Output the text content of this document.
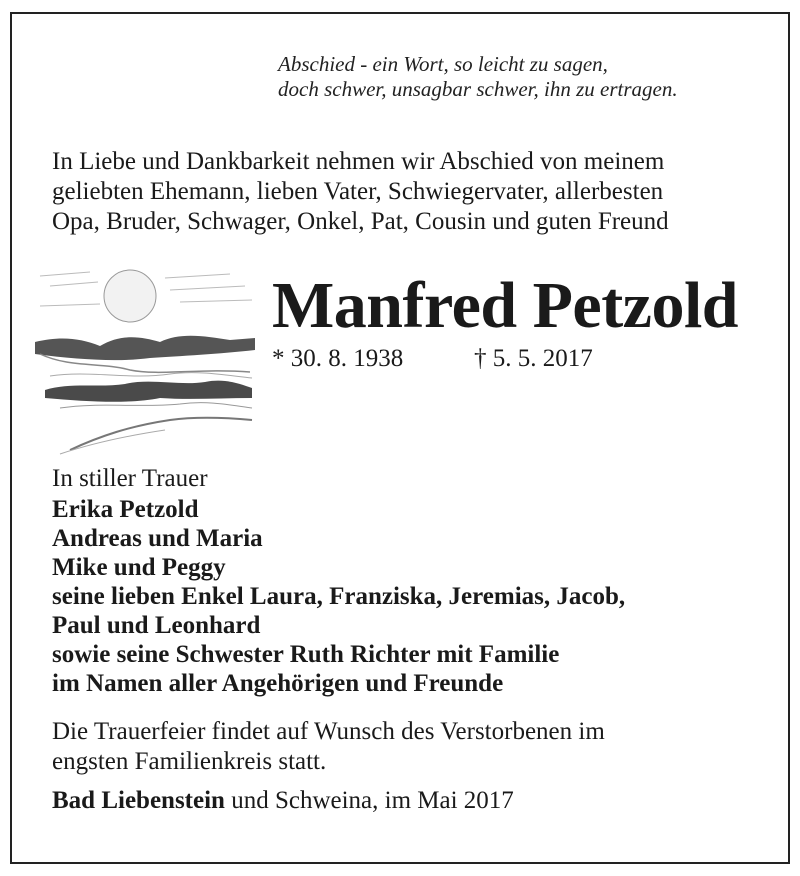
Abschied - ein Wort, so leicht zu sagen,
doch schwer, unsagbar schwer, ihn zu ertragen.
In Liebe und Dankbarkeit nehmen wir Abschied von meinem
geliebten Ehemann, lieben Vater, Schwiegervater, allerbesten
Opa, Bruder, Schwager, Onkel, Pat, Cousin und guten Freund
Manfred Petzold
* 30. 8. 1938	† 5. 5. 2017
In stiller Trauer
Erika Petzold
Andreas und Maria
Mike und Peggy
seine lieben Enkel Laura, Franziska, Jeremias, Jacob,
Paul und Leonhard
sowie seine Schwester Ruth Richter mit Familie
im Namen aller Angehörigen und Freunde
Die Trauerfeier findet auf Wunsch des Verstorbenen im
engsten Familienkreis statt.
Bad Liebenstein und Schweina, im Mai 2017
